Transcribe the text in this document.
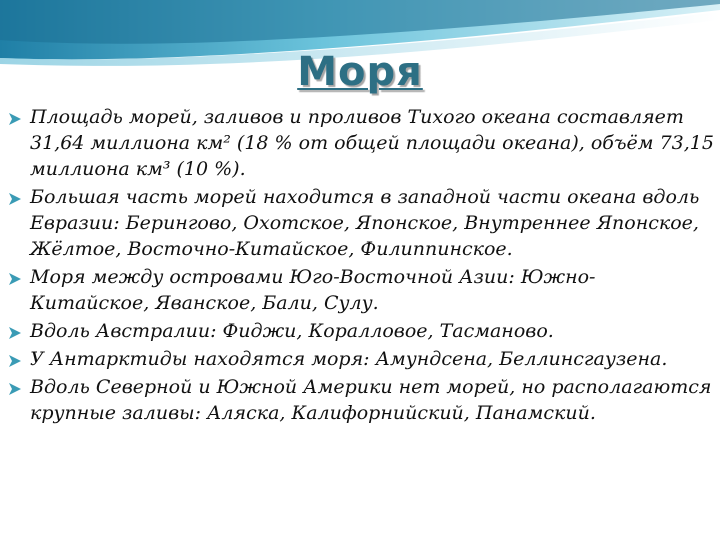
Моря
Площадь морей, заливов и проливов Тихого океана составляет 31,64 миллиона км² (18 % от общей площади океана), объём 73,15 миллиона км³ (10 %).
Большая часть морей находится в западной части океана вдоль Евразии: Берингово, Охотское, Японское, Внутреннее Японское, Жёлтое, Восточно-Китайское, Филиппинское.
Моря между островами Юго-Восточной Азии: Южно-Китайское, Яванское, Бали, Сулу.
Вдоль Австралии: Фиджи, Коралловое, Тасманово.
У Антарктиды находятся моря: Амундсена, Беллинсгаузена.
Вдоль Северной и Южной Америки нет морей, но располагаются крупные заливы: Аляска, Калифорнийский, Панамский.
